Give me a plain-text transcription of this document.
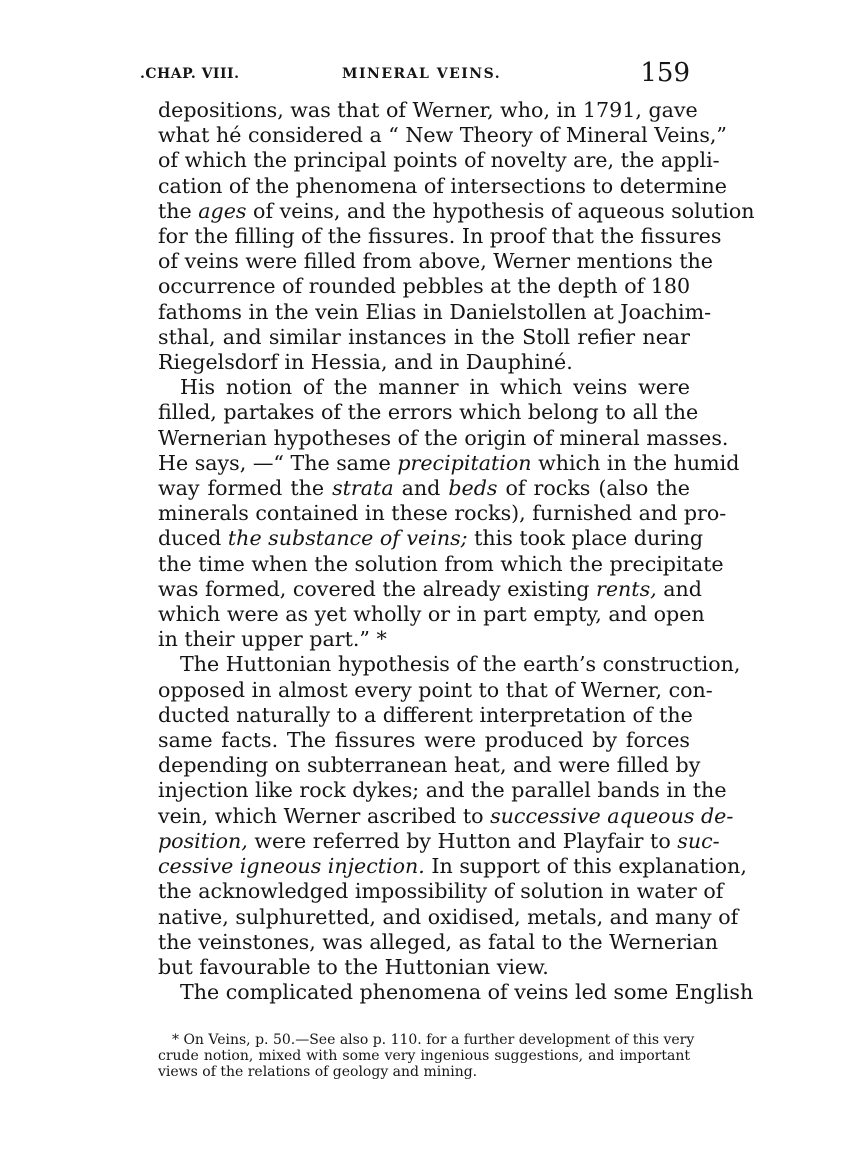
.CHAP. VIII.	MINERAL VEINS.	159

depositions, was that of Werner, who, in 1791, gave
what hé considered a “ New Theory of Mineral Veins,”
of which the principal points of novelty are, the appli‐
cation of the phenomena of intersections to determine
the ages of veins, and the hypothesis of aqueous solution
for the filling of the fissures. In proof that the fissures
of veins were filled from above, Werner mentions the
occurrence of rounded pebbles at the depth of 180
fathoms in the vein Elias in Danielstollen at Joachim-
sthal, and similar instances in the Stoll refier near
Riegelsdorf in Hessia, and in Dauphiné.

His notion of the manner in which veins were
filled, partakes of the errors which belong to all the
Wernerian hypotheses of the origin of mineral masses.
He says, —“ The same precipitation which in the humid
way formed the strata and beds of rocks (also the
minerals contained in these rocks), furnished and pro‐
duced the substance of veins; this took place during
the time when the solution from which the precipitate
was formed, covered the already existing rents, and
which were as yet wholly or in part empty, and open
in their upper part.” *

The Huttonian hypothesis of the earth’s construction,
opposed in almost every point to that of Werner, con-
ducted naturally to a different interpretation of the
same facts. The fissures were produced by forces
depending on subterranean heat, and were filled by
injection like rock dykes; and the parallel bands in the
vein, which Werner ascribed to successive aqueous de-
position, were referred by Hutton and Playfair to suc-
cessive igneous injection. In support of this explanation,
the acknowledged impossibility of solution in water of
native, sulphuretted, and oxidised, metals, and many of
the veinstones, was alleged, as fatal to the Wernerian
but favourable to the Huttonian view.

The complicated phenomena of veins led some English

* On Veins, p. 50.—See also p. 110. for a further development of this very
crude notion, mixed with some very ingenious suggestions, and important
views of the relations of geology and mining.
